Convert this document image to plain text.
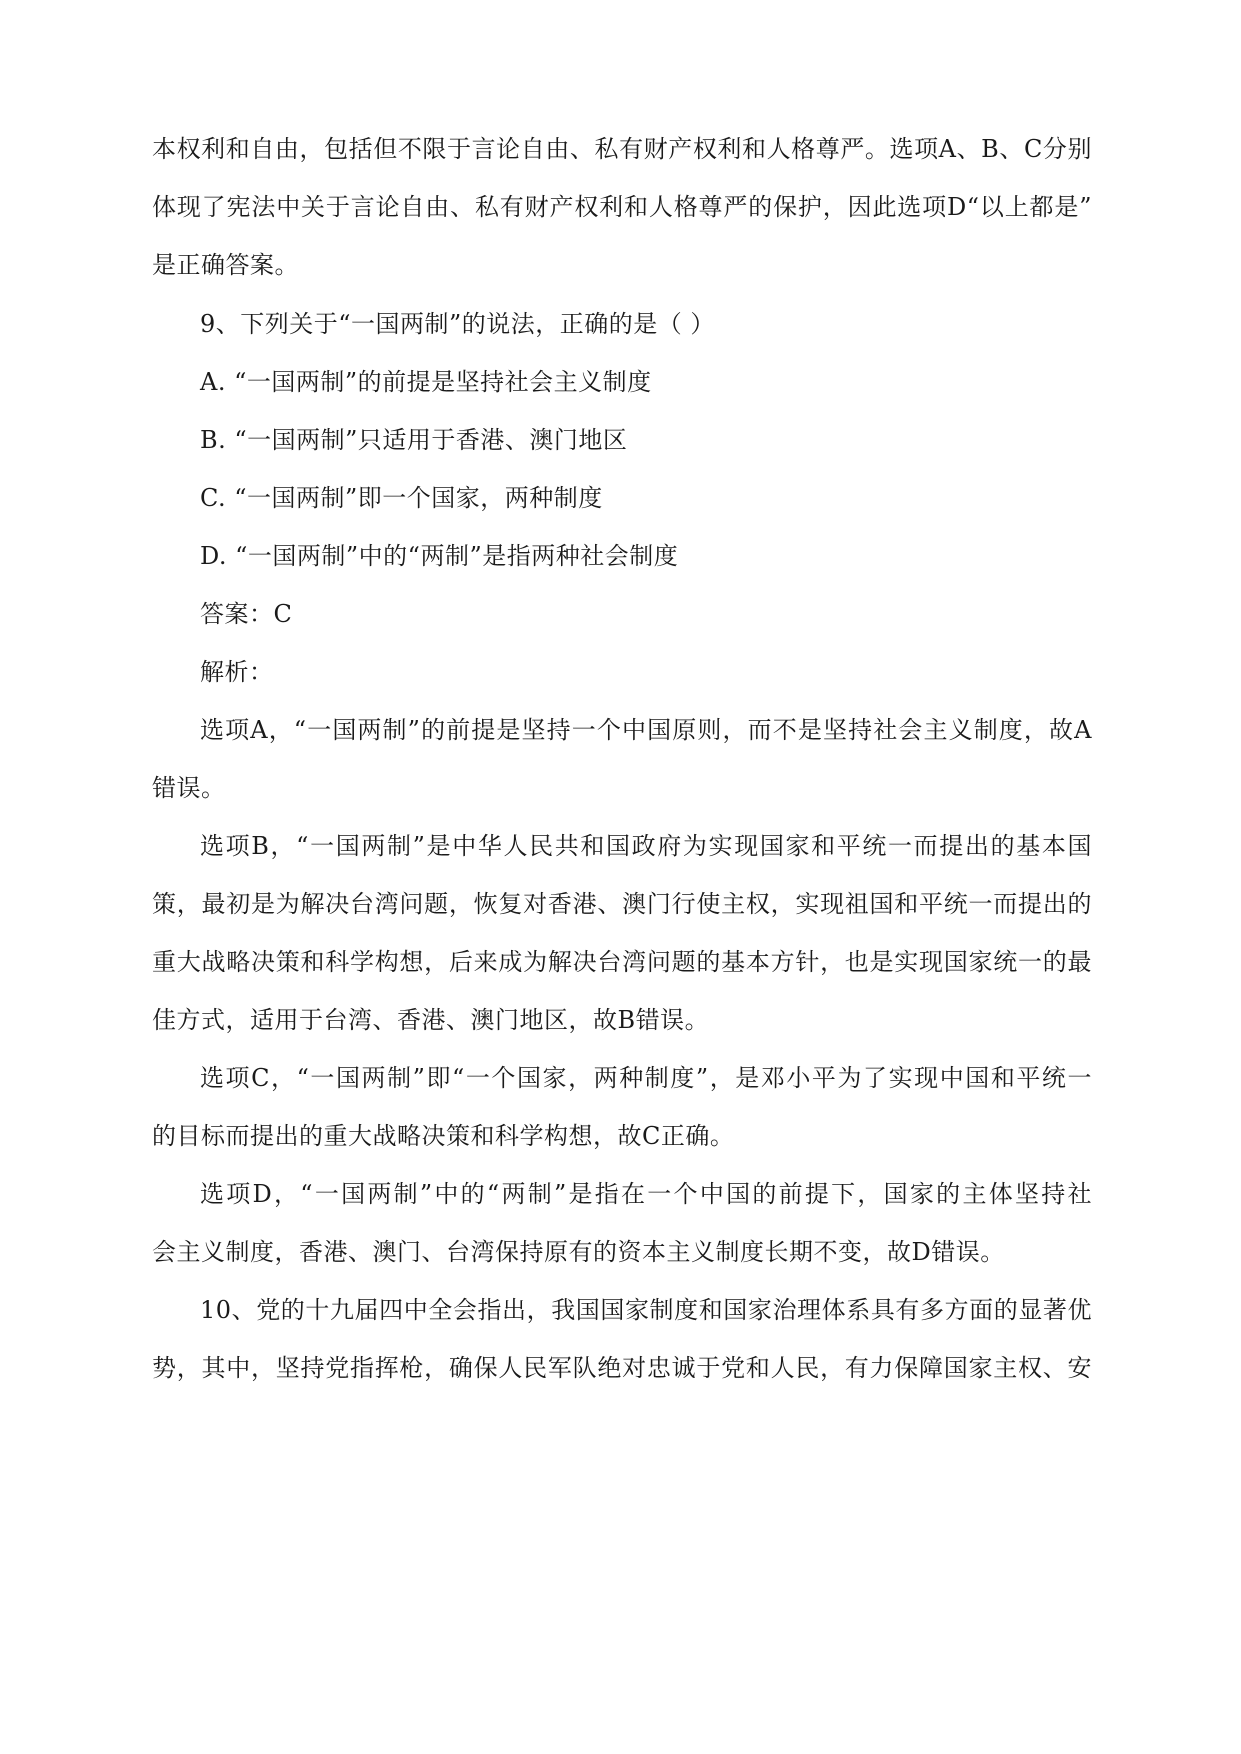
本权利和自由，包括但不限于言论自由、私有财产权利和人格尊严。选项A、B、C分别
体现了宪法中关于言论自由、私有财产权利和人格尊严的保护，因此选项D“以上都是”
是正确答案。
9、下列关于“一国两制”的说法，正确的是（ ）
A. “一国两制”的前提是坚持社会主义制度
B. “一国两制”只适用于香港、澳门地区
C. “一国两制”即一个国家，两种制度
D. “一国两制”中的“两制”是指两种社会制度
答案：C
解析：
选项A，“一国两制”的前提是坚持一个中国原则，而不是坚持社会主义制度，故A
错误。
选项B，“一国两制”是中华人民共和国政府为实现国家和平统一而提出的基本国
策，最初是为解决台湾问题，恢复对香港、澳门行使主权，实现祖国和平统一而提出的
重大战略决策和科学构想，后来成为解决台湾问题的基本方针，也是实现国家统一的最
佳方式，适用于台湾、香港、澳门地区，故B错误。
选项C，“一国两制”即“一个国家，两种制度”，是邓小平为了实现中国和平统一
的目标而提出的重大战略决策和科学构想，故C正确。
选项D，“一国两制”中的“两制”是指在一个中国的前提下，国家的主体坚持社
会主义制度，香港、澳门、台湾保持原有的资本主义制度长期不变，故D错误。
10、党的十九届四中全会指出，我国国家制度和国家治理体系具有多方面的显著优
势，其中，坚持党指挥枪，确保人民军队绝对忠诚于党和人民，有力保障国家主权、安
